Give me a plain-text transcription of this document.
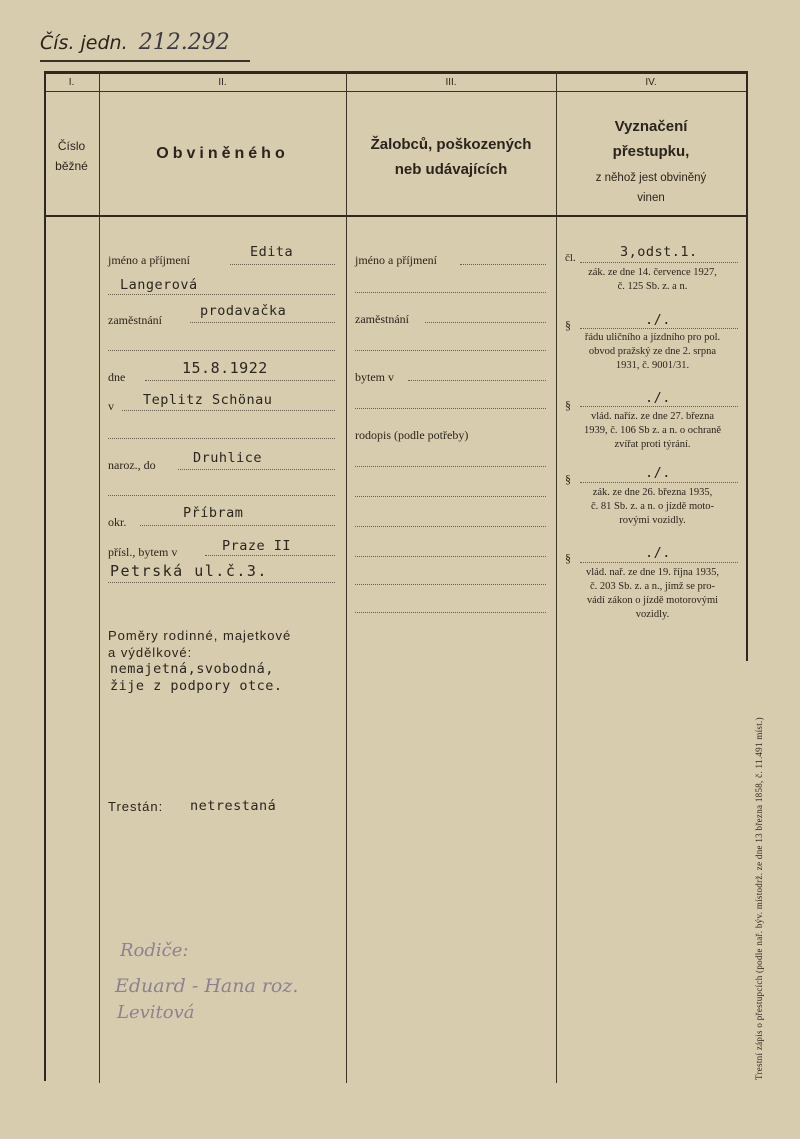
Čís. jedn. 212.292
I.	II.	III.	IV.
Číslo
běžné
Obviněného
Žalobců, poškozených
neb udávajících
Vyznačení
přestupku,
z něhož jest obviněný
vinen
jméno a příjmení	Edita
Langerová
zaměstnání
prodavačka
dne	15.8.1922
v Teplitz Schönau
naroz., do	Druhlice
okr.
Příbram
přísl., bytem v	Praze II
Petrská ul.č.3.
Poměry rodinné, majetkové
a výdělkové:
nemajetná,svobodná,
žije z podpory otce.
Trestán: netrestaná
Rodiče:
Eduard - Hana roz.
Levitová
jméno a příjmení
zaměstnání
bytem v
rodopis (podle potřeby)
čl.	3,odst.1.
zák. ze dne 14. července 1927,
č. 125 Sb. z. a n.
§	./.
řádu uličního a jízdního pro pol.
obvod pražský ze dne 2. srpna
1931, č. 9001/31.
§	./.
vlád. naříz. ze dne 27. března
1939, č. 106 Sb z. a n. o ochraně
zvířat proti týrání.
§	./.
zák. ze dne 26. března 1935,
č. 81 Sb. z. a n. o jízdě moto-
rovými vozidly.
§	./.
vlád. nař. ze dne 19. října 1935,
č. 203 Sb. z. a n., jímž se pro-
vádí zákon o jízdě motorovými
vozidly.
Trestní zápis o přestupcích (podle nař. býv. místodrž. ze dne 13 března 1858, č. 11.491 míst.)
